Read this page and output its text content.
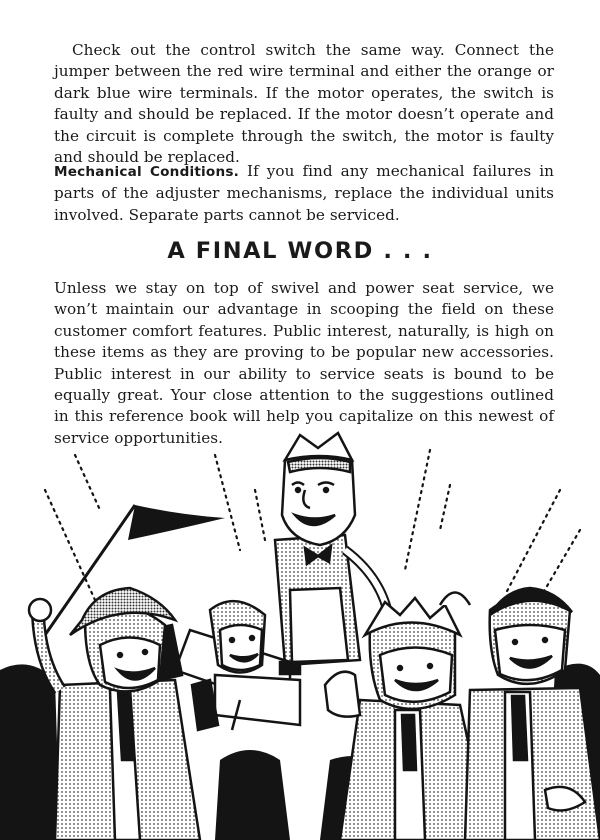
Check out the control switch the same way. Connect the jumper between the red wire terminal and either the orange or dark blue wire terminals. If the motor operates, the switch is faulty and should be replaced. If the motor doesn’t operate and the circuit is complete through the switch, the motor is faulty and should be replaced.

Mechanical Conditions. If you find any mechanical failures in parts of the adjuster mechanisms, replace the individual units involved. Separate parts cannot be serviced.

A FINAL WORD . . .

Unless we stay on top of swivel and power seat service, we won’t maintain our advantage in scooping the field on these customer comfort features. Public interest, naturally, is high on these items as they are proving to be popular new accessories. Public interest in our ability to service seats is bound to be equally great. Your close attention to the suggestions outlined in this reference book will help you capitalize on this newest of service opportunities.
